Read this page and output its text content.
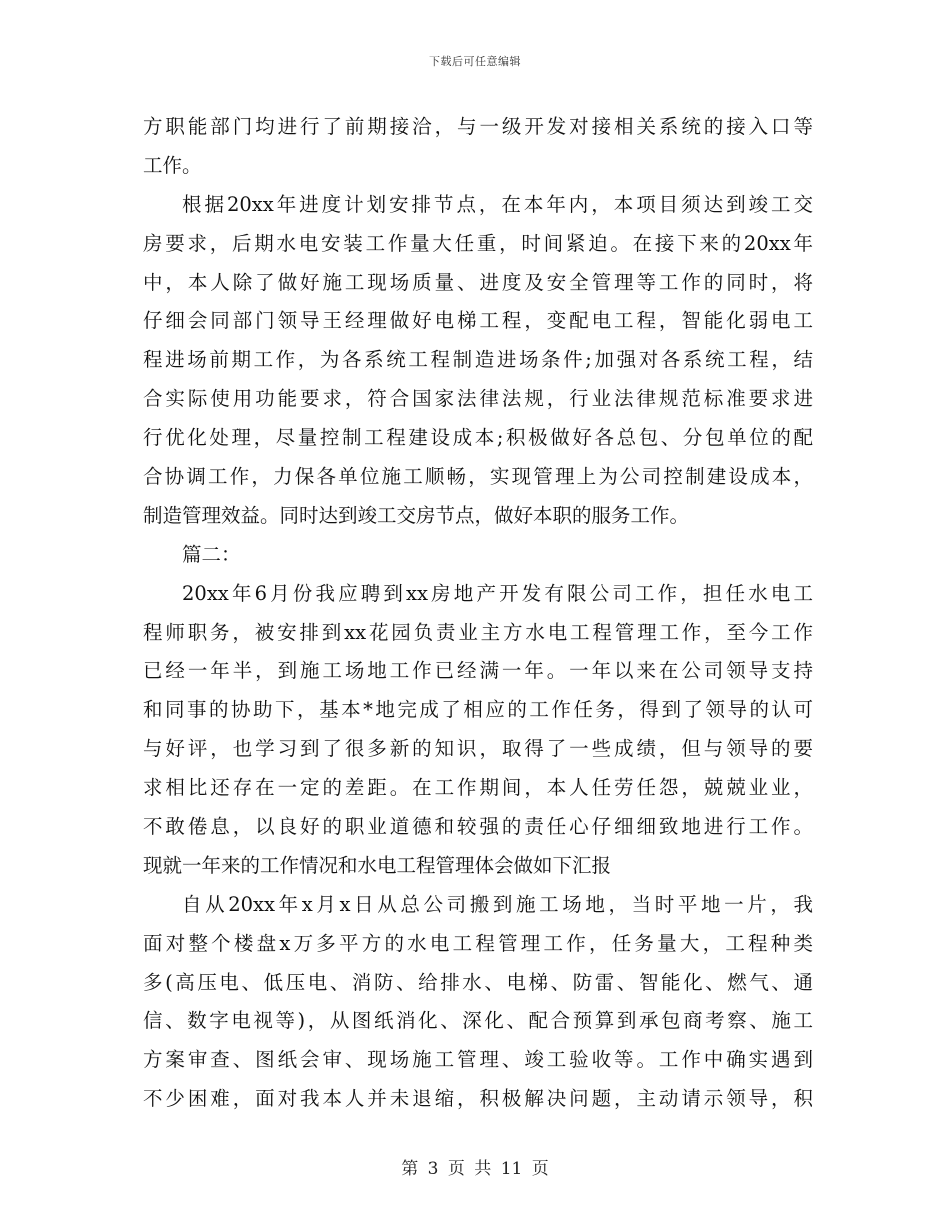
下载后可任意编辑
方职能部门均进行了前期接洽，与一级开发对接相关系统的接入口等
工作。
根据20xx年进度计划安排节点，在本年内，本项目须达到竣工交
房要求，后期水电安装工作量大任重，时间紧迫。在接下来的20xx年
中，本人除了做好施工现场质量、进度及安全管理等工作的同时，将
仔细会同部门领导王经理做好电梯工程，变配电工程，智能化弱电工
程进场前期工作，为各系统工程制造进场条件;加强对各系统工程，结
合实际使用功能要求，符合国家法律法规，行业法律规范标准要求进
行优化处理，尽量控制工程建设成本;积极做好各总包、分包单位的配
合协调工作，力保各单位施工顺畅，实现管理上为公司控制建设成本，
制造管理效益。同时达到竣工交房节点，做好本职的服务工作。
篇二：
20xx年6月份我应聘到xx房地产开发有限公司工作，担任水电工
程师职务，被安排到xx花园负责业主方水电工程管理工作，至今工作
已经一年半，到施工场地工作已经满一年。一年以来在公司领导支持
和同事的协助下，基本*地完成了相应的工作任务，得到了领导的认可
与好评，也学习到了很多新的知识，取得了一些成绩，但与领导的要
求相比还存在一定的差距。在工作期间，本人任劳任怨，兢兢业业，
不敢倦息，以良好的职业道德和较强的责任心仔细细致地进行工作。
现就一年来的工作情况和水电工程管理体会做如下汇报
自从20xx年x月x日从总公司搬到施工场地，当时平地一片，我
面对整个楼盘x万多平方的水电工程管理工作，任务量大，工程种类
多(高压电、低压电、消防、给排水、电梯、防雷、智能化、燃气、通
信、数字电视等)，从图纸消化、深化、配合预算到承包商考察、施工
方案审查、图纸会审、现场施工管理、竣工验收等。工作中确实遇到
不少困难，面对我本人并未退缩，积极解决问题，主动请示领导，积
第 3 页 共 11 页
